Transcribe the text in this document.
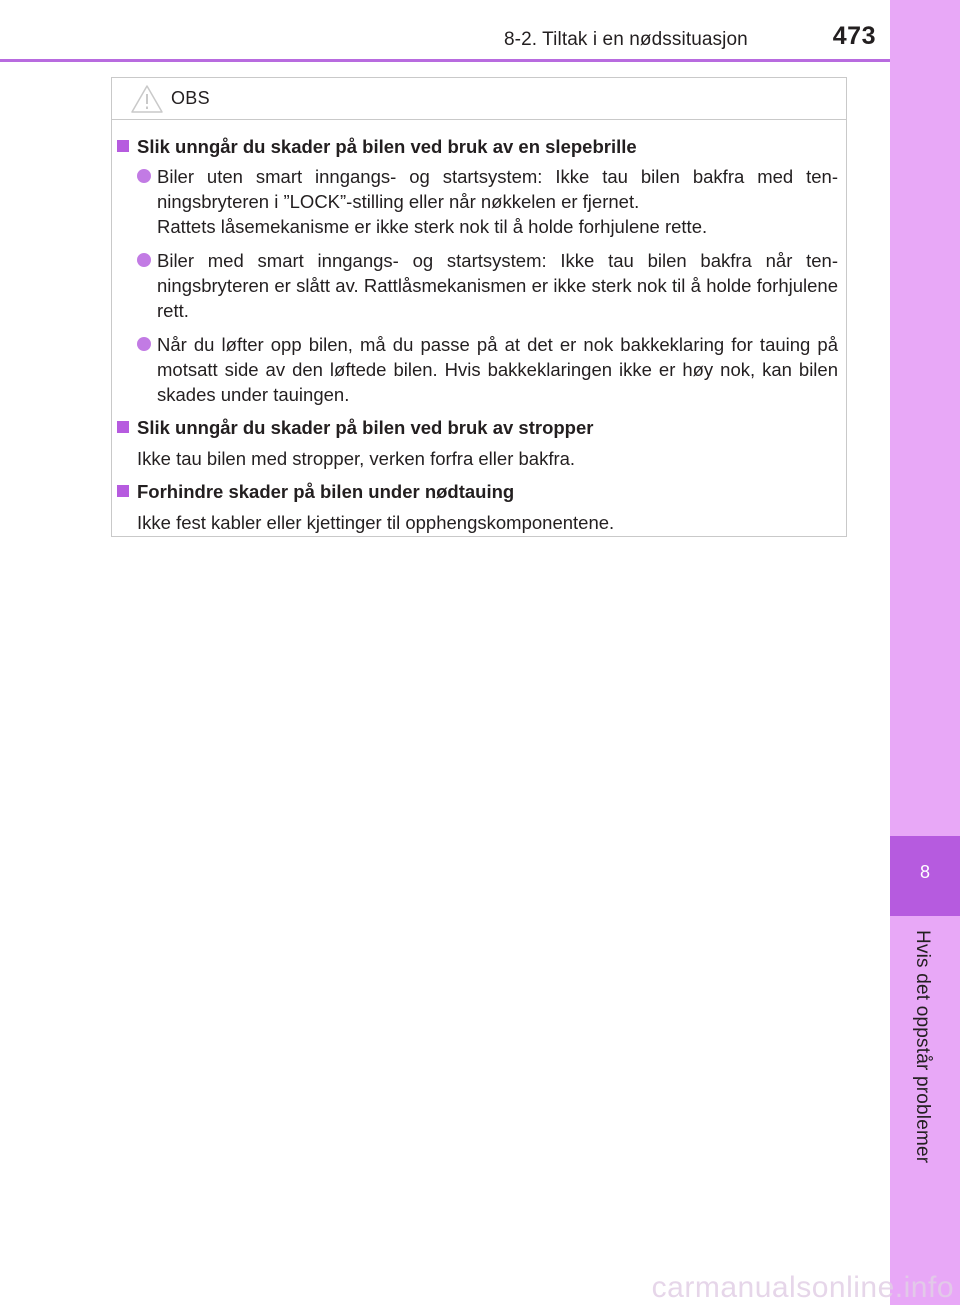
8-2. Tiltak i en nødssituasjon	473
8
Hvis det oppstår problemer
OBS

Slik unngår du skader på bilen ved bruk av en slepebrille

Biler uten smart inngangs- og startsystem: Ikke tau bilen bakfra med ten-ningsbryteren i ”LOCK”-stilling eller når nøkkelen er fjernet.
Rattets låsemekanisme er ikke sterk nok til å holde forhjulene rette.
Biler med smart inngangs- og startsystem: Ikke tau bilen bakfra når ten-ningsbryteren er slått av. Rattlåsmekanismen er ikke sterk nok til å holde forhjulene rett.
Når du løfter opp bilen, må du passe på at det er nok bakkeklaring for tauing på motsatt side av den løftede bilen. Hvis bakkeklaringen ikke er høy nok, kan bilen skades under tauingen.

Slik unngår du skader på bilen ved bruk av stropper

Ikke tau bilen med stropper, verken forfra eller bakfra.

Forhindre skader på bilen under nødtauing

Ikke fest kabler eller kjettinger til opphengskomponentene.
carmanualsonline.info
